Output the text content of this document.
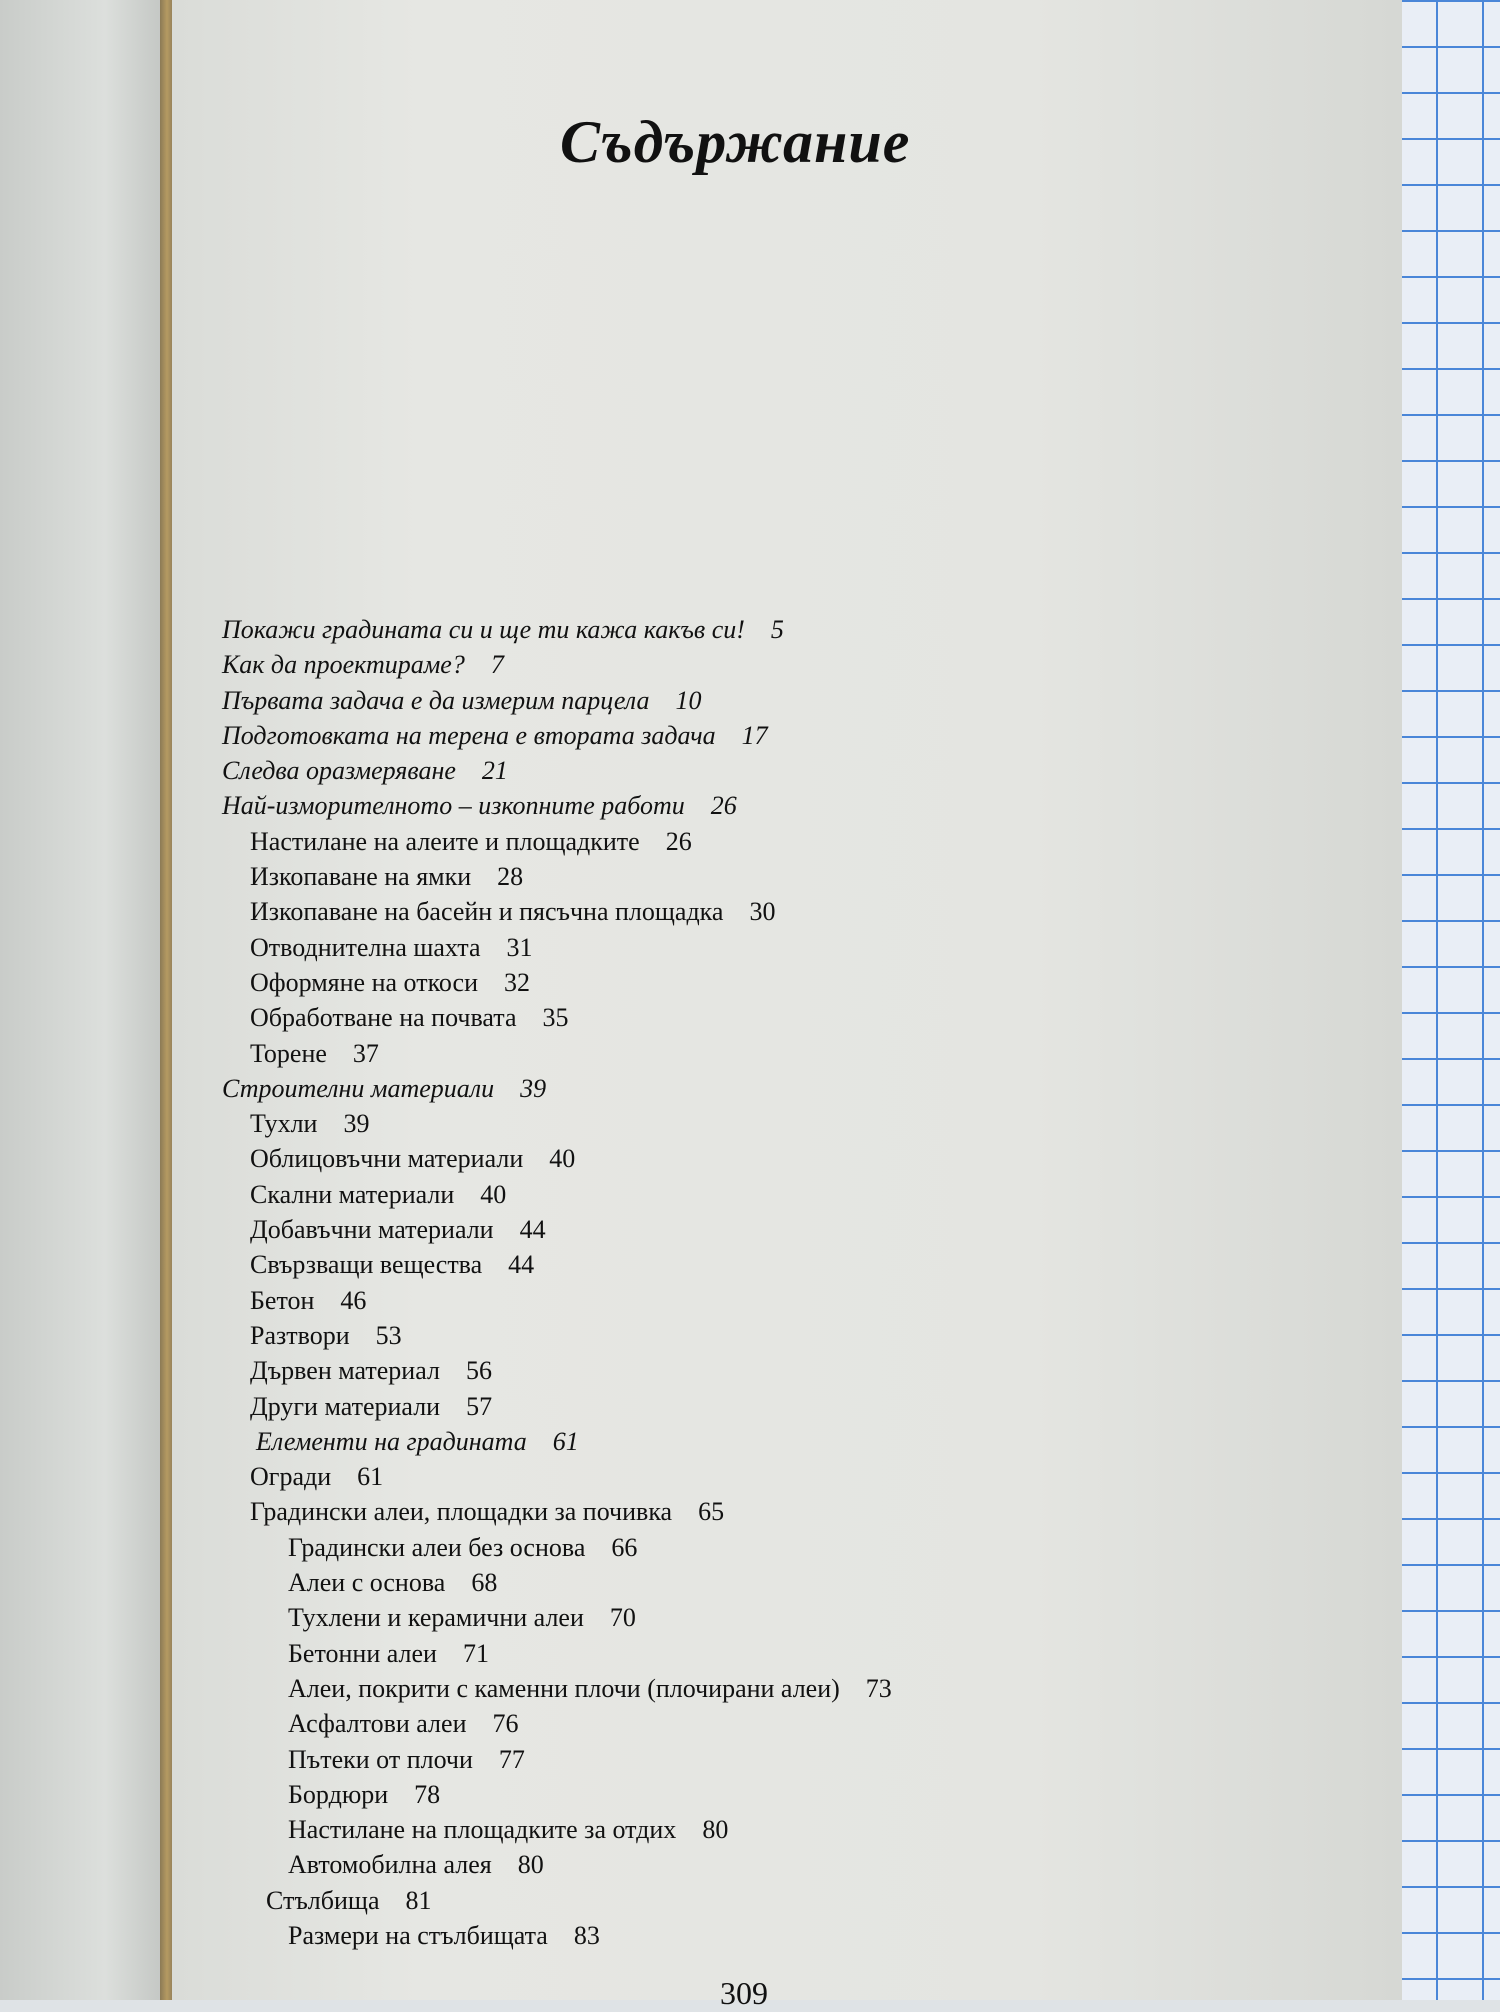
Съдържание
Покажи градината си и ще ти кажа какъв си! 5
Как да проектираме? 7
Първата задача е да измерим парцела 10
Подготовката на терена е втората задача 17
Следва оразмеряване 21
Най-изморителното – изкопните работи 26
Настилане на алеите и площадките 26
Изкопаване на ямки 28
Изкопаване на басейн и пясъчна площадка 30
Отводнителна шахта 31
Оформяне на откоси 32
Обработване на почвата 35
Торене 37
Строителни материали 39
Тухли 39
Облицовъчни материали 40
Скални материали 40
Добавъчни материали 44
Свързващи вещества 44
Бетон 46
Разтвори 53
Дървен материал 56
Други материали 57
Елементи на градината 61
Огради 61
Градински алеи, площадки за почивка 65
Градински алеи без основа 66
Алеи с основа 68
Тухлени и керамични алеи 70
Бетонни алеи 71
Алеи, покрити с каменни плочи (плочирани алеи) 73
Асфалтови алеи 76
Пътеки от плочи 77
Бордюри 78
Настилане на площадките за отдих 80
Автомобилна алея 80
Стълбища 81
Размери на стълбищата 83
309
